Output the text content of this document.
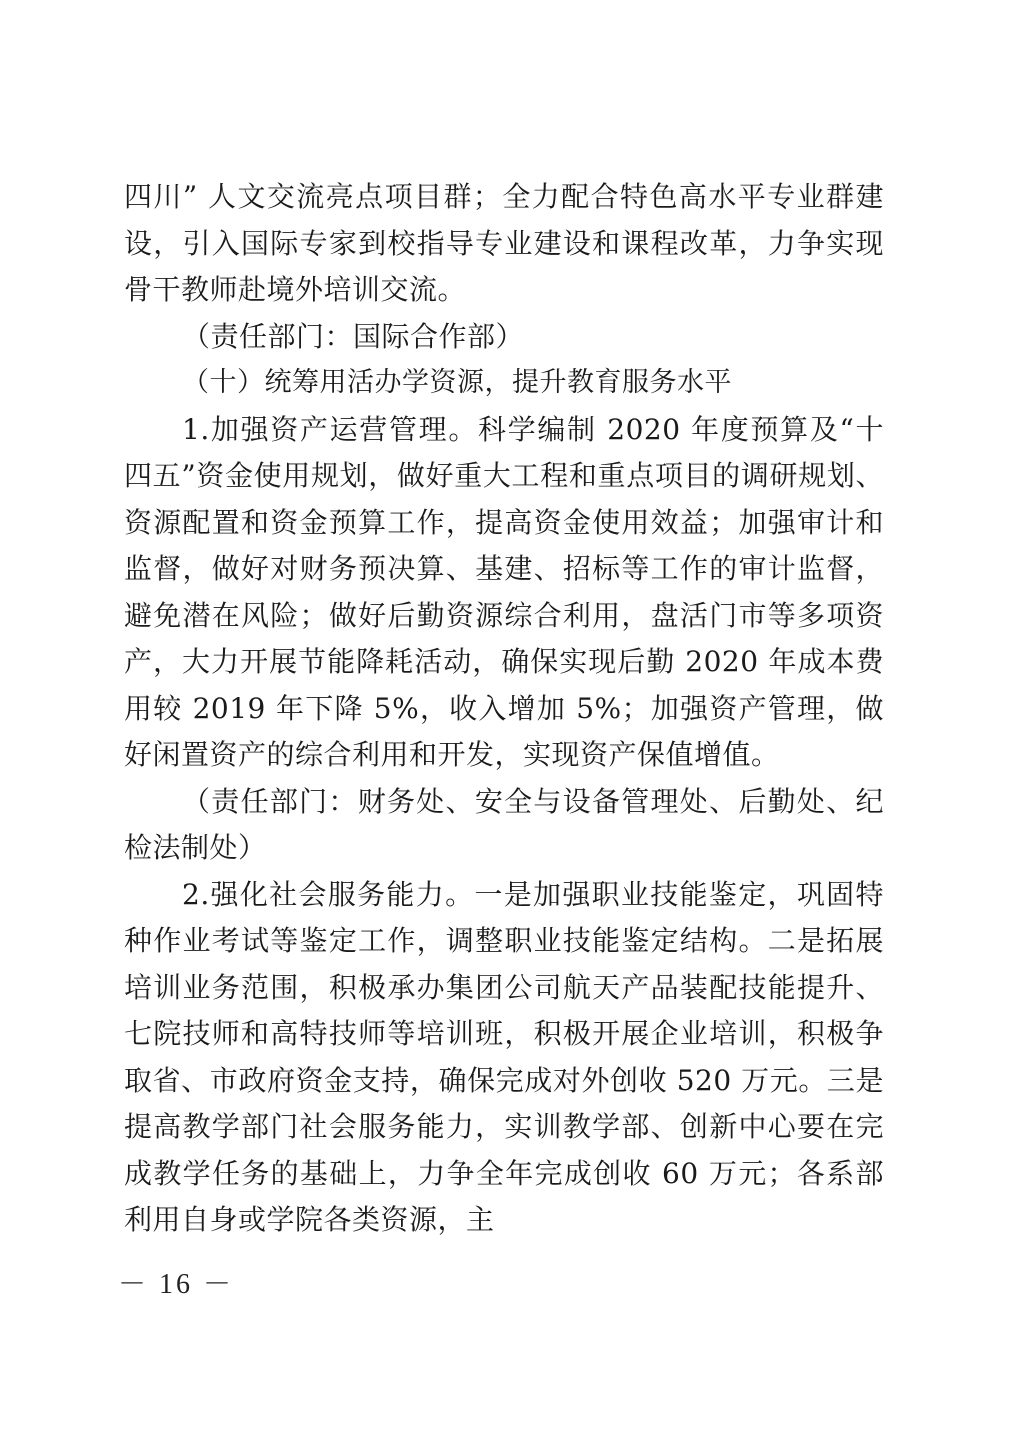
四川” 人文交流亮点项目群；全力配合特色高水平专业群建设，引入国际专家到校指导专业建设和课程改革，力争实现骨干教师赴境外培训交流。

（责任部门：国际合作部）

（十）统筹用活办学资源，提升教育服务水平

1.加强资产运营管理。科学编制 2020 年度预算及“十四五”资金使用规划，做好重大工程和重点项目的调研规划、资源配置和资金预算工作，提高资金使用效益；加强审计和监督，做好对财务预决算、基建、招标等工作的审计监督，避免潜在风险；做好后勤资源综合利用，盘活门市等多项资产，大力开展节能降耗活动，确保实现后勤 2020 年成本费用较 2019 年下降 5%，收入增加 5%；加强资产管理，做好闲置资产的综合利用和开发，实现资产保值增值。

（责任部门：财务处、安全与设备管理处、后勤处、纪检法制处）

2.强化社会服务能力。一是加强职业技能鉴定，巩固特种作业考试等鉴定工作，调整职业技能鉴定结构。二是拓展培训业务范围，积极承办集团公司航天产品装配技能提升、七院技师和高特技师等培训班，积极开展企业培训，积极争取省、市政府资金支持，确保完成对外创收 520 万元。三是提高教学部门社会服务能力，实训教学部、创新中心要在完成教学任务的基础上，力争全年完成创收 60 万元；各系部利用自身或学院各类资源，主

－ 16 －
